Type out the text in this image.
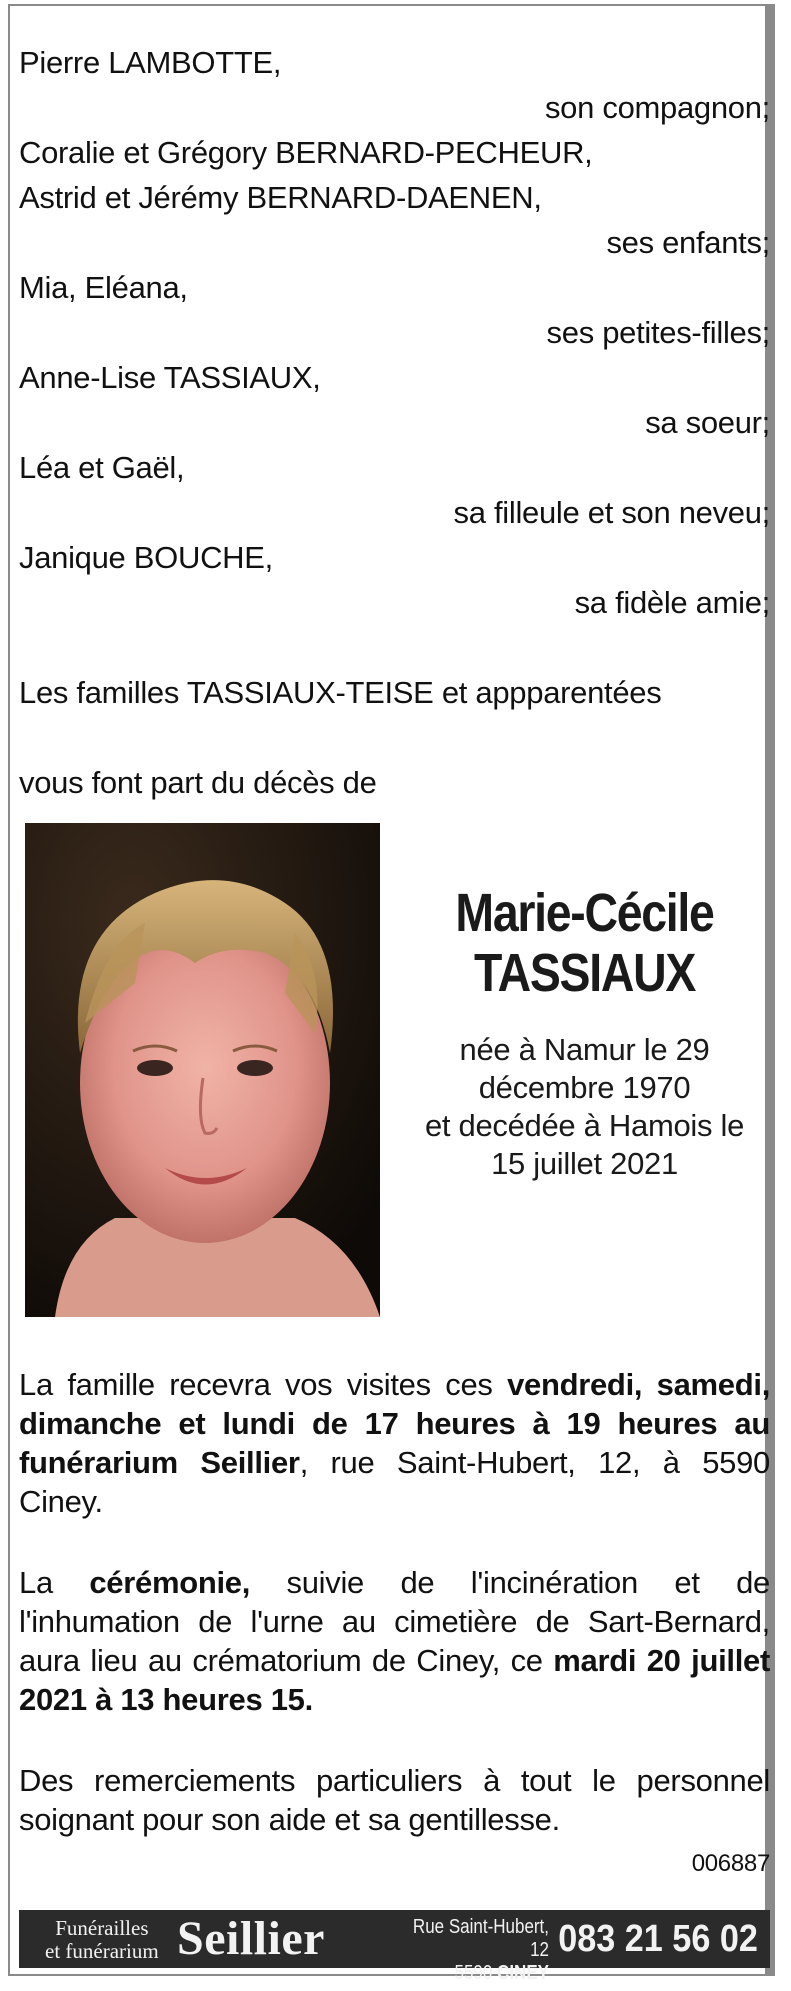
Pierre LAMBOTTE,
son compagnon;
Coralie et Grégory BERNARD-PECHEUR,
Astrid et Jérémy BERNARD-DAENEN,
ses enfants;
Mia, Eléana,
ses petites-filles;
Anne-Lise TASSIAUX,
sa soeur;
Léa et Gaël,
sa filleule et son neveu;
Janique BOUCHE,
sa fidèle amie;
Les familles TASSIAUX-TEISE et appparentées
vous font part du décès de
Marie-Cécile
TASSIAUX
née à Namur le 29
décembre 1970
et decédée à Hamois le
15 juillet 2021
La famille recevra vos visites ces vendredi, samedi, dimanche et lundi de 17 heures à 19 heures au funérarium Seillier, rue Saint-Hubert, 12, à 5590 Ciney.
La cérémonie, suivie de l'incinération et de l'inhumation de l'urne au cimetière de Sart-Bernard, aura lieu au crématorium de Ciney, ce mardi 20 juillet 2021 à 13 heures 15.
Des remerciements particuliers à tout le personnel soignant pour son aide et sa gentillesse.
006887
Funérailles
et funérarium Seillier	Rue Saint-Hubert, 12
5590 CINEY
083 21 56 02
